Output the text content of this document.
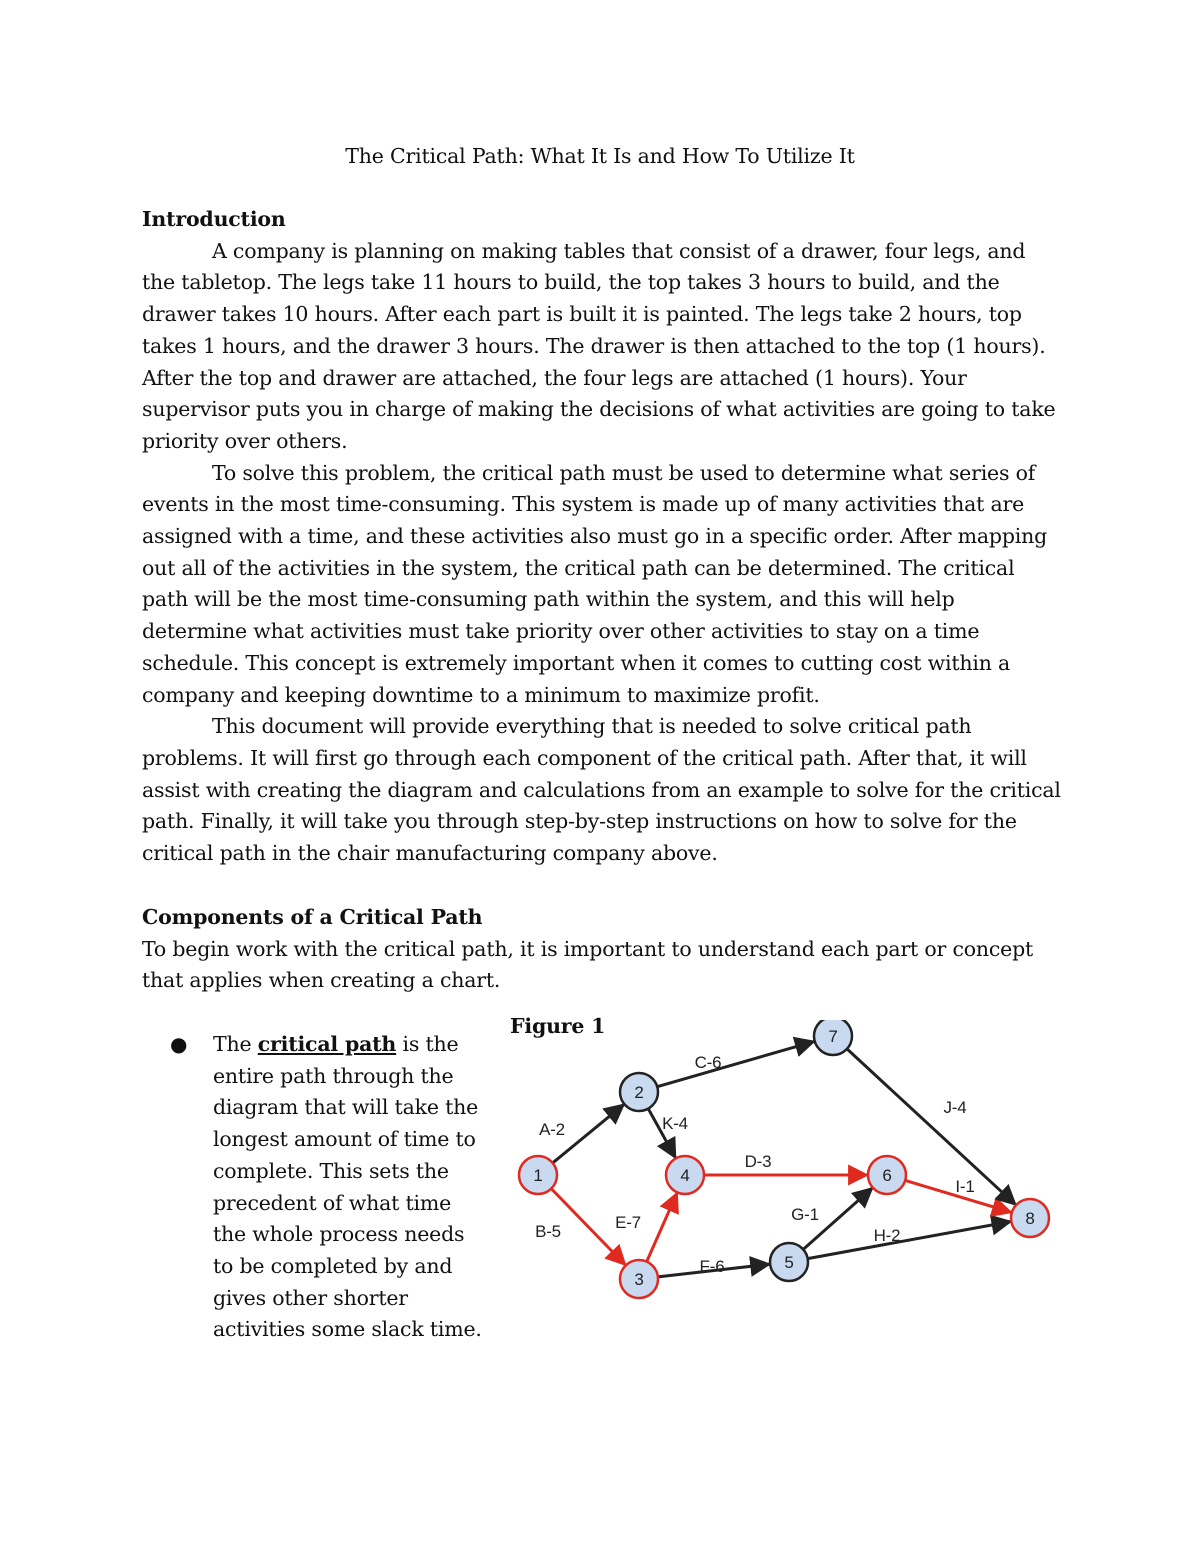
The Critical Path: What It Is and How To Utilize It
Introduction

A company is planning on making tables that consist of a drawer, four legs, and the tabletop. The legs take 11 hours to build, the top takes 3 hours to build, and the drawer takes 10 hours. After each part is built it is painted. The legs take 2 hours, top takes 1 hours, and the drawer 3 hours. The drawer is then attached to the top (1 hours). After the top and drawer are attached, the four legs are attached (1 hours). Your supervisor puts you in charge of making the decisions of what activities are going to take priority over others.

To solve this problem, the critical path must be used to determine what series of events in the most time-consuming. This system is made up of many activities that are assigned with a time, and these activities also must go in a specific order. After mapping out all of the activities in the system, the critical path can be determined. The critical path will be the most time-consuming path within the system, and this will help determine what activities must take priority over other activities to stay on a time schedule. This concept is extremely important when it comes to cutting cost within a company and keeping downtime to a minimum to maximize profit.

This document will provide everything that is needed to solve critical path problems. It will first go through each component of the critical path. After that, it will assist with creating the diagram and calculations from an example to solve for the critical path. Finally, it will take you through step-by-step instructions on how to solve for the critical path in the chair manufacturing company above.

Components of a Critical Path

To begin work with the critical path, it is important to understand each part or concept that applies when creating a chart.

● The critical path is the entire path through the diagram that will take the longest amount of time to complete. This sets the precedent of what time the whole process needs to be completed by and gives other shorter activities some slack time.
Figure 1
A-2
B-5
C-6
K-4
E-7
D-3
F-6
G-1
H-2
I-1
J-4
1
2
3
4
5
6
7
8
